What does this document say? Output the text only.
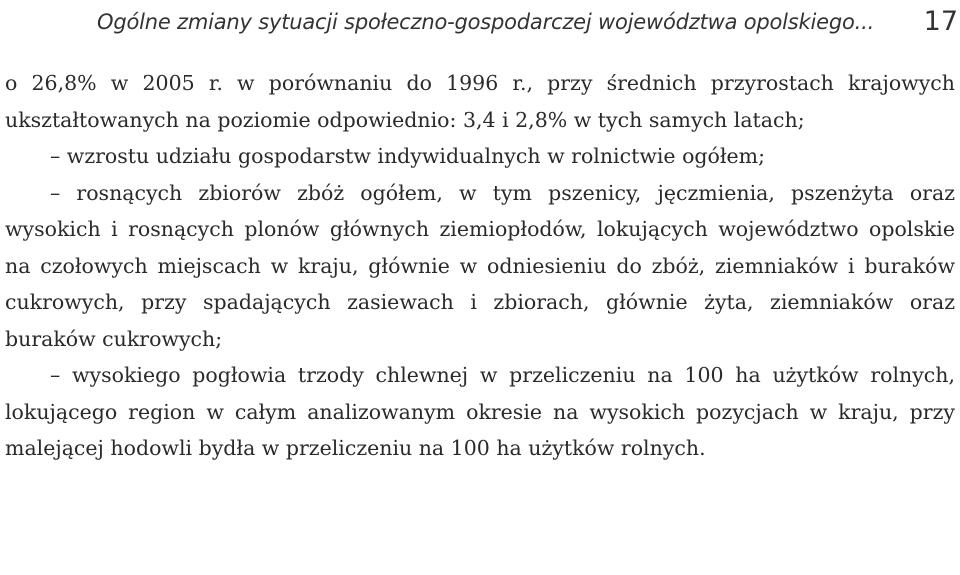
Ogólne zmiany sytuacji społeczno-gospodarczej województwa opolskiego... 17

o 26,8% w 2005 r. w porównaniu do 1996 r., przy średnich przyrostach krajowych ukształtowanych na poziomie odpowiednio: 3,4 i 2,8% w tych samych latach;

– wzrostu udziału gospodarstw indywidualnych w rolnictwie ogółem;

– rosnących zbiorów zbóż ogółem, w tym pszenicy, jęczmienia, pszenżyta oraz wysokich i rosnących plonów głównych ziemiopłodów, lokujących województwo opolskie na czołowych miejscach w kraju, głównie w odniesieniu do zbóż, ziemniaków i buraków cukrowych, przy spadających zasiewach i zbiorach, głównie żyta, ziemniaków oraz buraków cukrowych;

– wysokiego pogłowia trzody chlewnej w przeliczeniu na 100 ha użytków rolnych, lokującego region w całym analizowanym okresie na wysokich pozycjach w kraju, przy malejącej hodowli bydła w przeliczeniu na 100 ha użytków rolnych.
